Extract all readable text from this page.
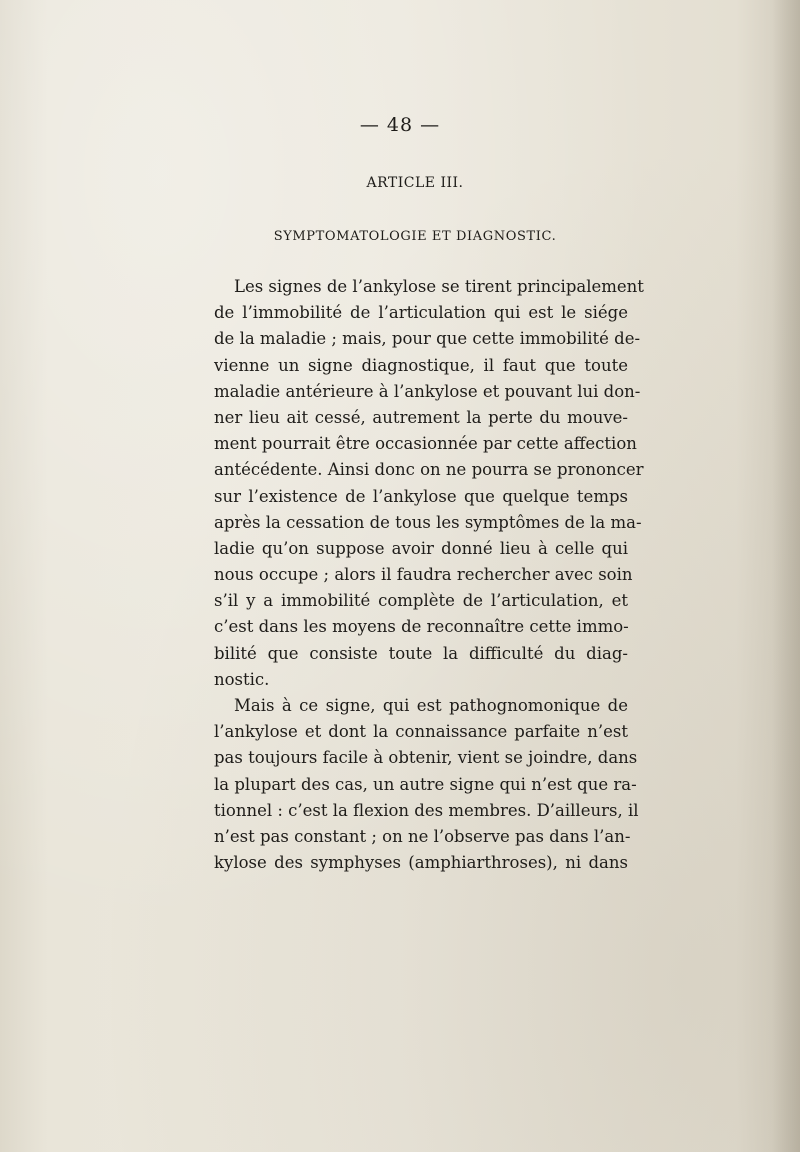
— 48 —
ARTICLE III.
SYMPTOMATOLOGIE ET DIAGNOSTIC.
Les signes de l’ankylose se tirent principalement
de l’immobilité de l’articulation qui est le siége
de la maladie ; mais, pour que cette immobilité de-
vienne un signe diagnostique, il faut que toute
maladie antérieure à l’ankylose et pouvant lui don-
ner lieu ait cessé, autrement la perte du mouve-
ment pourrait être occasionnée par cette affection
antécédente. Ainsi donc on ne pourra se prononcer
sur l’existence de l’ankylose que quelque temps
après la cessation de tous les symptômes de la ma-
ladie qu’on suppose avoir donné lieu à celle qui
nous occupe ; alors il faudra rechercher avec soin
s’il y a immobilité complète de l’articulation, et
c’est dans les moyens de reconnaître cette immo-
bilité que consiste toute la difficulté du diag-
nostic.
Mais à ce signe, qui est pathognomonique de
l’ankylose et dont la connaissance parfaite n’est
pas toujours facile à obtenir, vient se joindre, dans
la plupart des cas, un autre signe qui n’est que ra-
tionnel : c’est la flexion des membres. D’ailleurs, il
n’est pas constant ; on ne l’observe pas dans l’an-
kylose des symphyses (amphiarthroses), ni dans
